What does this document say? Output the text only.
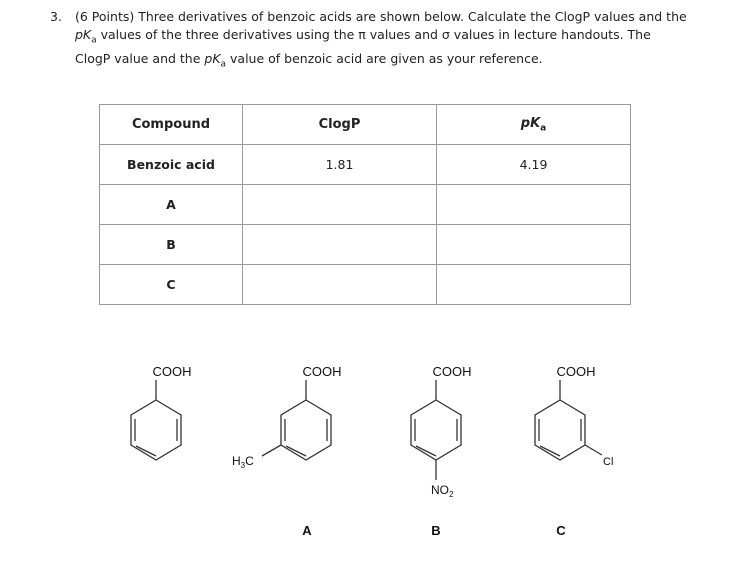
3. (6 Points) Three derivatives of benzoic acids are shown below. Calculate the ClogP values and the $pK_a$ values of the three derivatives using the π values and σ values in lecture handouts. The ClogP value and the $pK_a$ value of benzoic acid are given as your reference.
Compound	ClogP	$pK_a$
Benzoic acid	1.81	4.19
A		
B		
C		
COOH	COOH
$H_3C$
A
COOH
$NO_2$
B
COOH
Cl
C
